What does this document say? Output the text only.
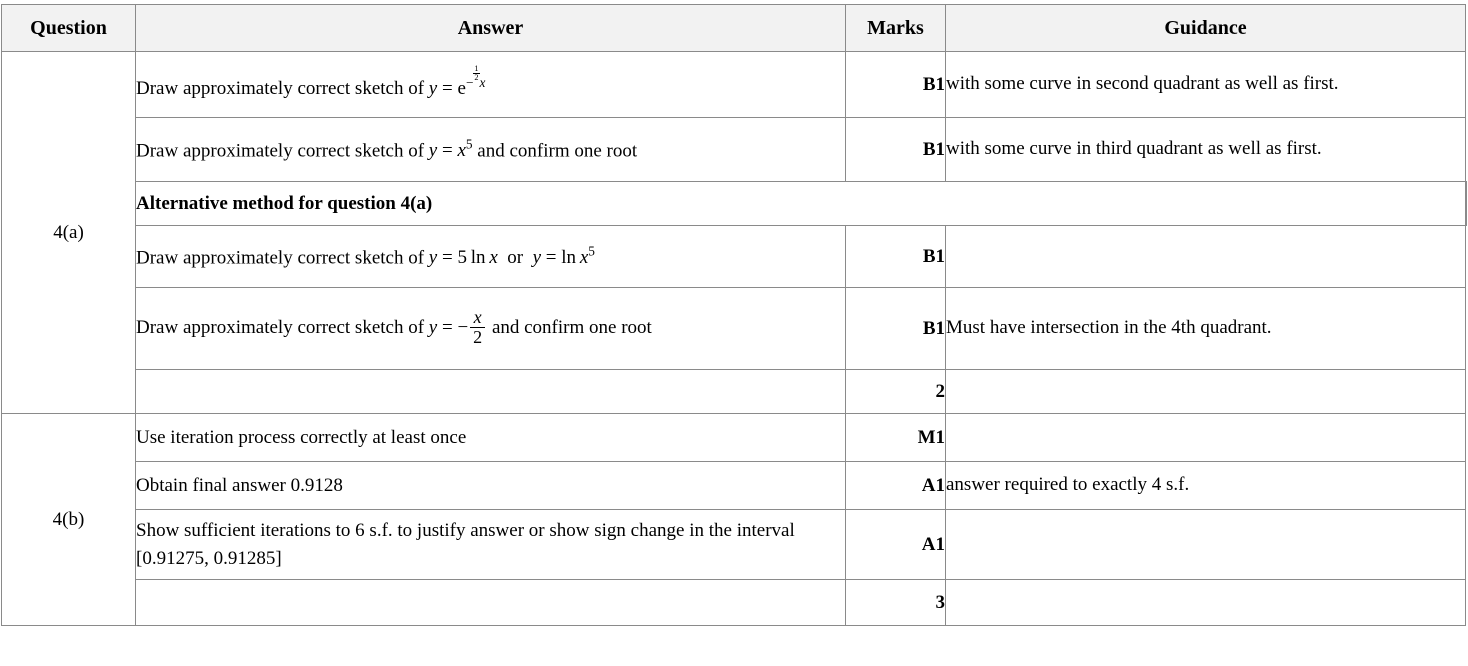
Question	Answer	Marks	Guidance	
4(a)	Draw approximately correct sketch of $y = e^{- \frac{1}{2} x}$	B1	with some curve in second quadrant as well as first.	
	Draw approximately correct sketch of $y = x^5$ and confirm one root	B1	with some curve in third quadrant as well as first.	
	Alternative method for question 4(a)			
	Draw approximately correct sketch of y = 5 ln x  or  $y = \ln x^5$	B1		
	Draw approximately correct sketch of y = − $\frac{x}{2}$ and confirm one root	B1	Must have intersection in the 4th quadrant.	
		2		
4(b)	Use iteration process correctly at least once	M1		
	Obtain final answer 0.9128	A1	answer required to exactly 4 s.f.	
	Show sufficient iterations to 6 s.f. to justify answer or show sign change in the interval [0.91275, 0.91285]	A1		
		3		
